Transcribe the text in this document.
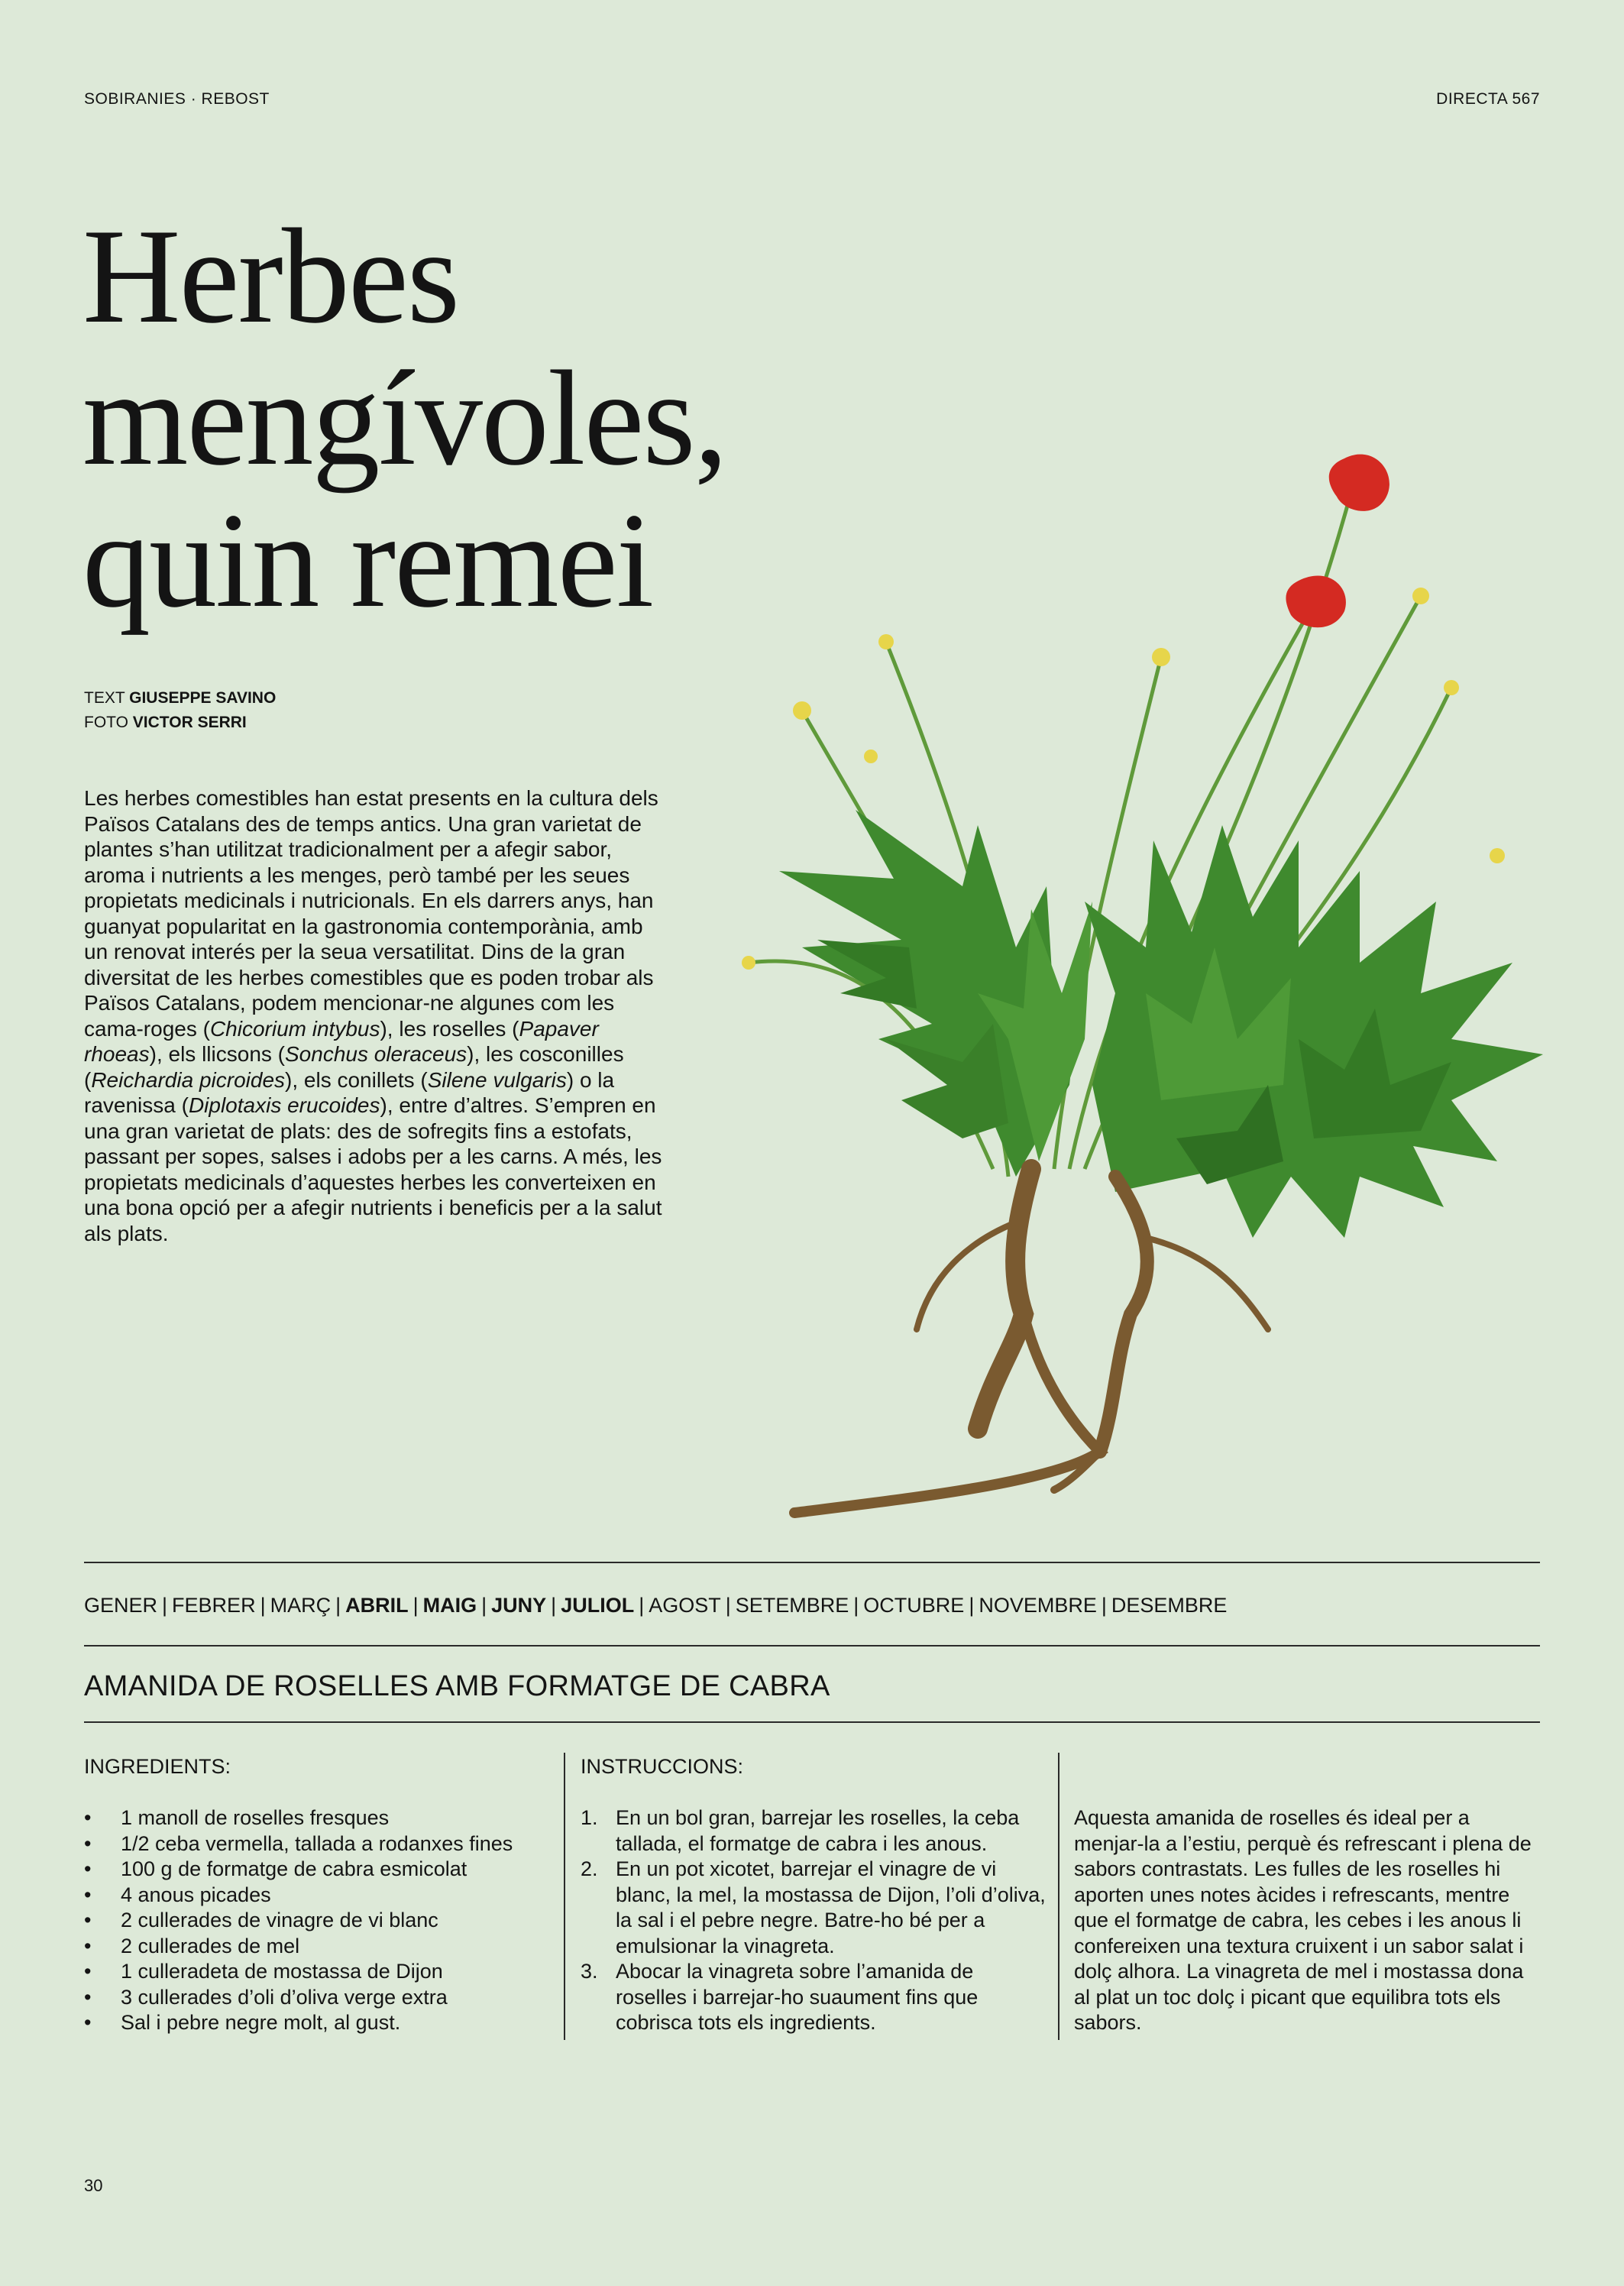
SOBIRANIES · REBOST	DIRECTA 567
Herbes
mengívoles,
quin remei
TEXT GIUSEPPE SAVINO
FOTO VICTOR SERRI

Les herbes comestibles han estat presents en la cultura dels Països Catalans des de temps antics. Una gran varietat de plantes s’han utilitzat tradicionalment per a afegir sabor, aroma i nutrients a les menges, però també per les seues propietats medicinals i nutricionals. En els darrers anys, han guanyat popularitat en la gastronomia contemporània, amb un renovat interés per la seua versatilitat. Dins de la gran diversitat de les herbes comestibles que es poden trobar als Països Catalans, podem mencionar-ne algunes com les cama-roges (Chicorium intybus), les roselles (Papaver rhoeas), els llicsons (Sonchus oleraceus), les cosconilles (Reichardia picroides), els conillets (Silene vulgaris) o la ravenissa (Diplotaxis erucoides), entre d’altres. S’empren en una gran varietat de plats: des de sofregits fins a estofats, passant per sopes, salses i adobs per a les carns. A més, les propietats medicinals d’aquestes herbes les converteixen en una bona opció per a afegir nutrients i beneficis per a la salut als plats.

GENER | FEBRER | MARÇ | ABRIL | MAIG | JUNY | JULIOL | AGOST | SETEMBRE | OCTUBRE | NOVEMBRE | DESEMBRE
AMANIDA DE ROSELLES AMB FORMATGE DE CABRA
INGREDIENTS:	INSTRUCCIONS:
• 1 manoll de roselles fresques
• 1/2 ceba vermella, tallada a rodanxes fines
• 100 g de formatge de cabra esmicolat
• 4 anous picades
• 2 cullerades de vinagre de vi blanc
• 2 cullerades de mel
• 1 culleradeta de mostassa de Dijon
• 3 cullerades d’oli d’oliva verge extra
• Sal i pebre negre molt, al gust.
1. En un bol gran, barrejar les roselles, la ceba tallada, el formatge de cabra i les anous.
2. En un pot xicotet, barrejar el vinagre de vi blanc, la mel, la mostassa de Dijon, l’oli d’oliva, la sal i el pebre negre. Batre-ho bé per a emulsionar la vinagreta.
3. Abocar la vinagreta sobre l’amanida de roselles i barrejar-ho suaument fins que cobrisca tots els ingredients.

Aquesta amanida de roselles és ideal per a menjar-la a l’estiu, perquè és refrescant i plena de sabors contrastats. Les fulles de les roselles hi aporten unes notes àcides i refrescants, mentre que el formatge de cabra, les cebes i les anous li confereixen una textura cruixent i un sabor salat i dolç alhora. La vinagreta de mel i mostassa dona al plat un toc dolç i picant que equilibra tots els sabors.

30
